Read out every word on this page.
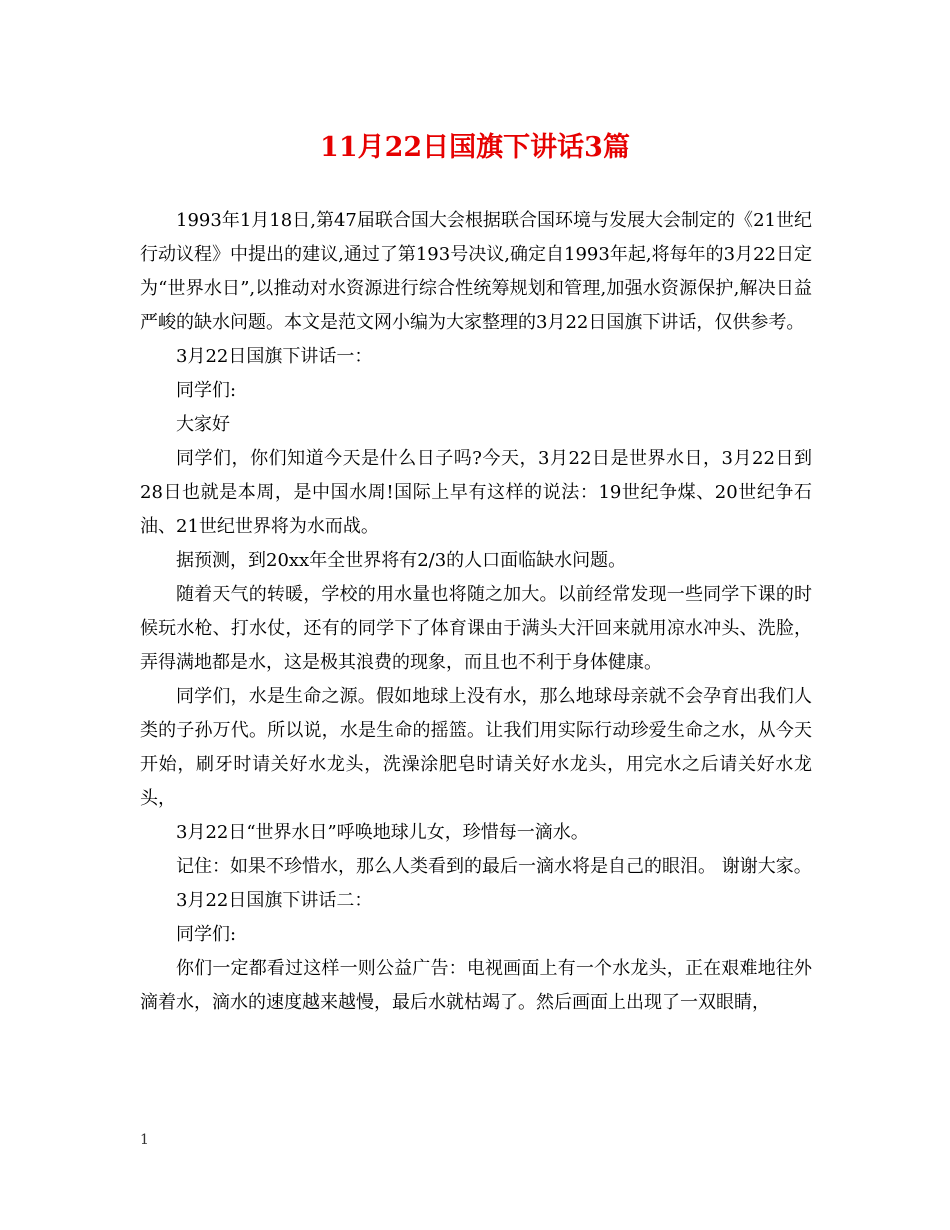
11月22日国旗下讲话3篇

1993年1月18日,第47届联合国大会根据联合国环境与发展大会制定的《21世纪行动议程》中提出的建议,通过了第193号决议,确定自1993年起,将每年的3月22日定为“世界水日”,以推动对水资源进行综合性统筹规划和管理,加强水资源保护,解决日益严峻的缺水问题。本文是范文网小编为大家整理的3月22日国旗下讲话，仅供参考。

3月22日国旗下讲话一：

同学们:

大家好

同学们，你们知道今天是什么日子吗?今天，3月22日是世界水日，3月22日到28日也就是本周，是中国水周!国际上早有这样的说法：19世纪争煤、20世纪争石油、21世纪世界将为水而战。

据预测，到20xx年全世界将有2/3的人口面临缺水问题。

随着天气的转暖，学校的用水量也将随之加大。以前经常发现一些同学下课的时候玩水枪、打水仗，还有的同学下了体育课由于满头大汗回来就用凉水冲头、洗脸，弄得满地都是水，这是极其浪费的现象，而且也不利于身体健康。

同学们，水是生命之源。假如地球上没有水，那么地球母亲就不会孕育出我们人类的子孙万代。所以说，水是生命的摇篮。让我们用实际行动珍爱生命之水，从今天开始，刷牙时请关好水龙头，洗澡涂肥皂时请关好水龙头，用完水之后请关好水龙头，

3月22日“世界水日”呼唤地球儿女，珍惜每一滴水。

记住：如果不珍惜水，那么人类看到的最后一滴水将是自己的眼泪。 谢谢大家。

3月22日国旗下讲话二：

同学们:

你们一定都看过这样一则公益广告：电视画面上有一个水龙头，正在艰难地往外滴着水，滴水的速度越来越慢，最后水就枯竭了。然后画面上出现了一双眼睛，

1
